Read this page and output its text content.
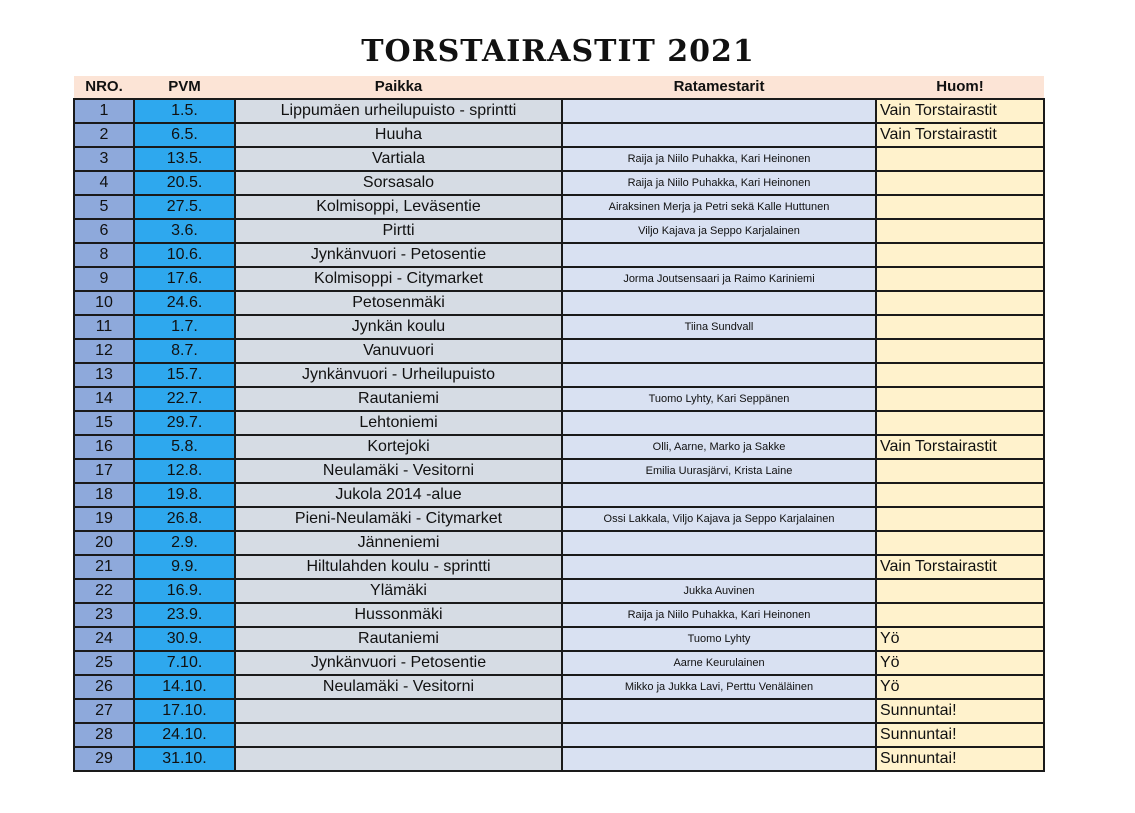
TORSTAIRASTIT 2021
NRO.	PVM	Paikka	Ratamestarit	Huom!
1	1.5.	Lippumäen urheilupuisto - sprintti		Vain Torstairastit
2	6.5.	Huuha		Vain Torstairastit
3	13.5.	Vartiala	Raija ja Niilo Puhakka, Kari Heinonen	
4	20.5.	Sorsasalo	Raija ja Niilo Puhakka, Kari Heinonen	
5	27.5.	Kolmisoppi, Leväsentie	Airaksinen Merja ja Petri sekä Kalle Huttunen	
6	3.6.	Pirtti	Viljo Kajava ja Seppo Karjalainen	
8	10.6.	Jynkänvuori - Petosentie		
9	17.6.	Kolmisoppi - Citymarket	Jorma Joutsensaari ja Raimo Kariniemi	
10	24.6.	Petosenmäki		
11	1.7.	Jynkän koulu	Tiina Sundvall	
12	8.7.	Vanuvuori		
13	15.7.	Jynkänvuori - Urheilupuisto		
14	22.7.	Rautaniemi	Tuomo Lyhty, Kari Seppänen	
15	29.7.	Lehtoniemi		
16	5.8.	Kortejoki	Olli, Aarne, Marko ja Sakke	Vain Torstairastit
17	12.8.	Neulamäki - Vesitorni	Emilia Uurasjärvi, Krista Laine	
18	19.8.	Jukola 2014 -alue		
19	26.8.	Pieni-Neulamäki - Citymarket	Ossi Lakkala, Viljo Kajava ja Seppo Karjalainen	
20	2.9.	Jänneniemi		
21	9.9.	Hiltulahden koulu - sprintti		Vain Torstairastit
22	16.9.	Ylämäki	Jukka Auvinen	
23	23.9.	Hussonmäki	Raija ja Niilo Puhakka, Kari Heinonen	
24	30.9.	Rautaniemi	Tuomo Lyhty	Yö
25	7.10.	Jynkänvuori - Petosentie	Aarne Keurulainen	Yö
26	14.10.	Neulamäki - Vesitorni	Mikko ja Jukka Lavi, Perttu Venäläinen	Yö
27	17.10.			Sunnuntai!
28	24.10.			Sunnuntai!
29	31.10.			Sunnuntai!
